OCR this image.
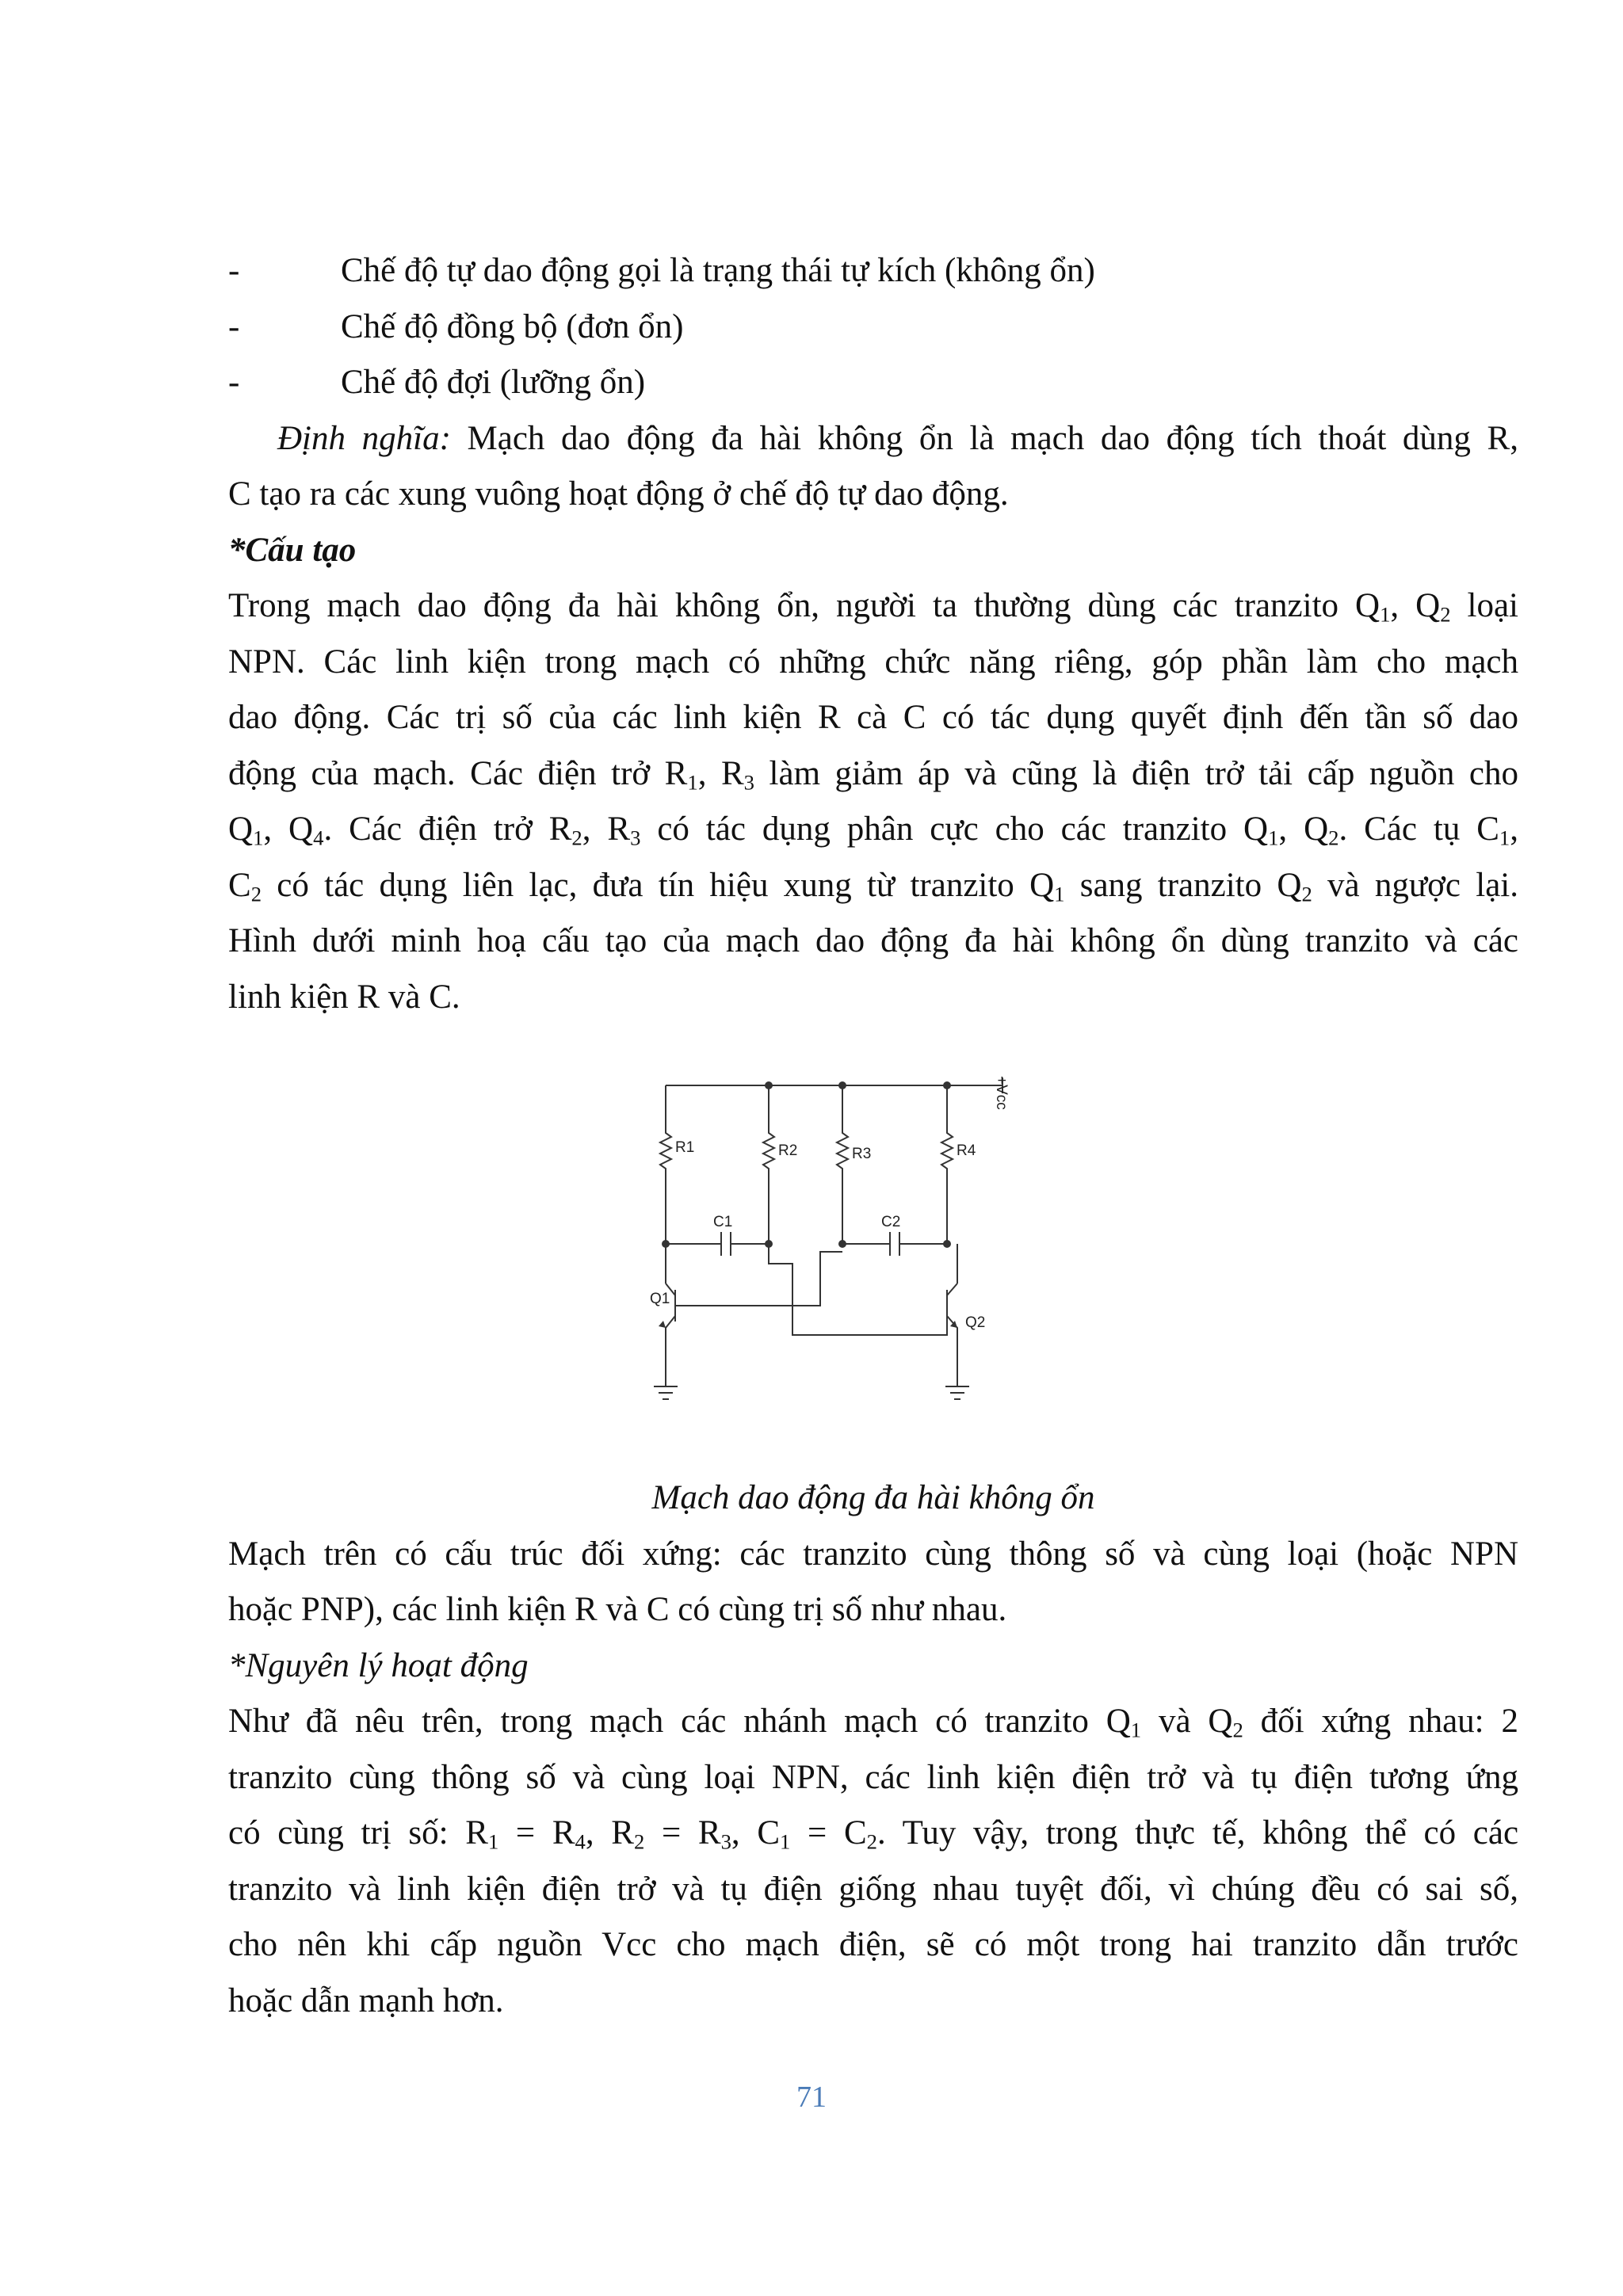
-	Chế độ tự dao động gọi là trạng thái tự kích (không ổn)
-	Chế độ đồng bộ (đơn ổn)
-	Chế độ đợi (lưỡng ổn)
Định nghĩa: Mạch dao động đa hài không ổn là mạch dao động tích thoát dùng R,
C tạo ra các xung vuông hoạt động ở chế độ tự dao động.
*Cấu tạo
Trong mạch dao động đa hài không ổn, người ta thường dùng các tranzito $Q_1$, $Q_2$ loại
NPN. Các linh kiện trong mạch có những chức năng riêng, góp phần làm cho mạch
dao động. Các trị số của các linh kiện R cà C có tác dụng quyết định đến tần số dao
động của mạch. Các điện trở $R_1$, $R_3$ làm giảm áp và cũng là điện trở tải cấp nguồn cho
$Q_1$, $Q_4$. Các điện trở $R_2$, $R_3$ có tác dụng phân cực cho các tranzito $Q_1$, $Q_2$. Các tụ $C_1$,
$C_2$ có tác dụng liên lạc, đưa tín hiệu xung từ tranzito $Q_1$ sang tranzito $Q_2$ và ngược lại.
Hình dưới minh hoạ cấu tạo của mạch dao động đa hài không ổn dùng tranzito và các
linh kiện R và C.
+Vcc
R1	R2	R3	R4
C1	C2
Q1
Q2
Mạch dao động đa hài không ổn
Mạch trên có cấu trúc đối xứng: các tranzito cùng thông số và cùng loại (hoặc NPN
hoặc PNP), các linh kiện R và C có cùng trị số như nhau.
*Nguyên lý hoạt động
Như đã nêu trên, trong mạch các nhánh mạch có tranzito $Q_1$ và $Q_2$ đối xứng nhau: 2
tranzito cùng thông số và cùng loại NPN, các linh kiện điện trở và tụ điện tương ứng
có cùng trị số: $R_1 = R_4$, $R_2 = R_3$, $C_1 = C_2$. Tuy vậy, trong thực tế, không thể có các
tranzito và linh kiện điện trở và tụ điện giống nhau tuyệt đối, vì chúng đều có sai số,
cho nên khi cấp nguồn Vcc cho mạch điện, sẽ có một trong hai tranzito dẫn trước
hoặc dẫn mạnh hơn.
71
